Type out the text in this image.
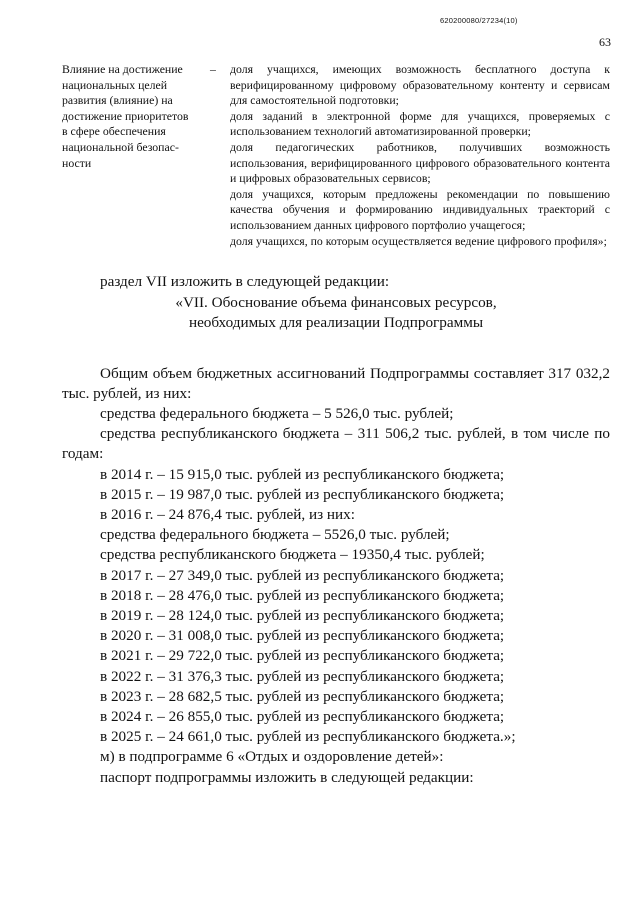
620200080/27234(10)
63
Влияние на достижение
национальных целей
развития (влияние) на
достижение приоритетов
в сфере обеспечения
национальной безопас-
ности
–	доля учащихся, имеющих возможность бесплатного доступа к верифицированному цифровому образовательному контенту и сервисам для самостоятельной подготовки;

доля заданий в электронной форме для учащихся, проверяемых с использованием технологий автоматизированной проверки;

доля педагогических работников, получивших возможность использования, верифицированного цифрового образовательного контента и цифровых образовательных сервисов;

доля учащихся, которым предложены рекомендации по повышению качества обучения и формированию индивидуальных траекторий с использованием данных цифрового портфолио учащегося;

доля учащихся, по которым осуществляется ведение цифрового профиля»;

раздел VII изложить в следующей редакции:

«VII. Обоснование объема финансовых ресурсов,

необходимых для реализации Подпрограммы

Общим объем бюджетных ассигнований Подпрограммы составляет 317 032,2 тыс. рублей, из них:

средства федерального бюджета – 5 526,0 тыс. рублей;

средства республиканского бюджета – 311 506,2 тыс. рублей, в том числе по годам:

в 2014 г. – 15 915,0 тыс. рублей из республиканского бюджета;

в 2015 г. – 19 987,0 тыс. рублей из республиканского бюджета;

в 2016 г. – 24 876,4 тыс. рублей, из них:

средства федерального бюджета – 5526,0 тыс. рублей;

средства республиканского бюджета – 19350,4 тыс. рублей;

в 2017 г. – 27 349,0 тыс. рублей из республиканского бюджета;

в 2018 г. – 28 476,0 тыс. рублей из республиканского бюджета;

в 2019 г. – 28 124,0 тыс. рублей из республиканского бюджета;

в 2020 г. – 31 008,0 тыс. рублей из республиканского бюджета;

в 2021 г. – 29 722,0 тыс. рублей из республиканского бюджета;

в 2022 г. – 31 376,3 тыс. рублей из республиканского бюджета;

в 2023 г. – 28 682,5 тыс. рублей из республиканского бюджета;

в 2024 г. – 26 855,0 тыс. рублей из республиканского бюджета;

в 2025 г. – 24 661,0 тыс. рублей из республиканского бюджета.»;

м) в подпрограмме 6 «Отдых и оздоровление детей»:

паспорт подпрограммы изложить в следующей редакции:
